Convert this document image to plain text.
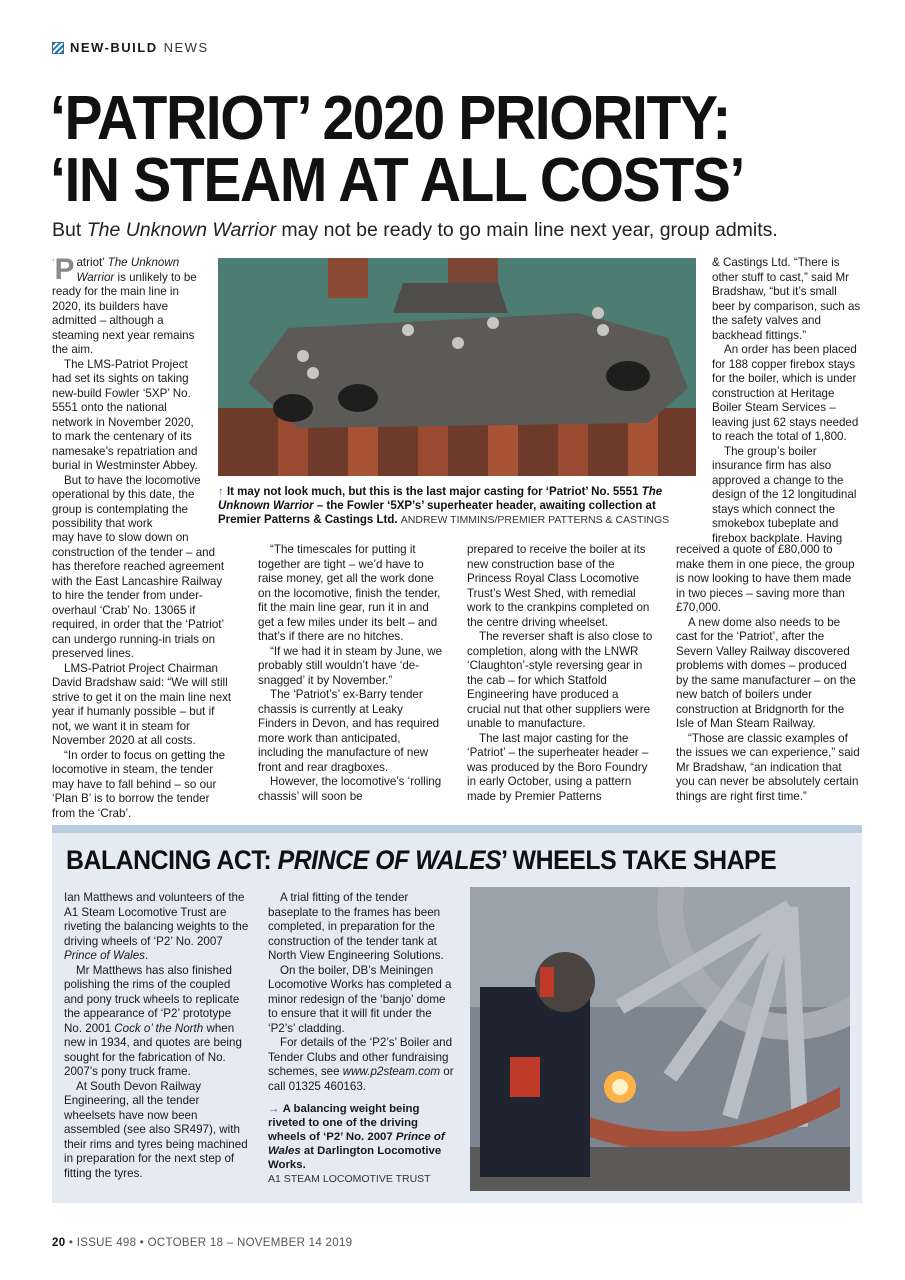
NEW-BUILD NEWS
‘PATRIOT’ 2020 PRIORITY:
‘IN STEAM AT ALL COSTS’
But The Unknown Warrior may not be ready to go main line next year, group admits.

‘ P atriot’ The Unknown Warrior is unlikely to be ready for the main line in 2020, its builders have admitted – although a steaming next year remains the aim.

The LMS-Patriot Project had set its sights on taking new-build Fowler ‘5XP’ No. 5551 onto the national network in November 2020, to mark the centenary of its namesake’s repatriation and burial in Westminster Abbey.

But to have the locomotive operational by this date, the group is contemplating the possibility that work

may have to slow down on construction of the tender – and has therefore reached agreement with the East Lancashire Railway to hire the tender from under-overhaul ‘Crab’ No. 13065 if required, in order that the ‘Patriot’ can undergo running-in trials on preserved lines.

LMS-Patriot Project Chairman David Bradshaw said: “We will still strive to get it on the main line next year if humanly possible – but if not, we want it in steam for November 2020 at all costs.

“In order to focus on getting the locomotive in steam, the tender may have to fall behind – so our ‘Plan B’ is to borrow the tender from the ‘Crab’.

↑ It may not look much, but this is the last major casting for ‘Patriot’ No. 5551 The Unknown Warrior – the Fowler ‘5XP’s’ superheater header, awaiting collection at Premier Patterns & Castings Ltd. ANDREW TIMMINS/PREMIER PATTERNS & CASTINGS

“The timescales for putting it together are tight – we’d have to raise money, get all the work done on the locomotive, finish the tender, fit the main line gear, run it in and get a few miles under its belt – and that’s if there are no hitches.

“If we had it in steam by June, we probably still wouldn’t have ‘de-snagged’ it by November.”

The ‘Patriot’s’ ex-Barry tender chassis is currently at Leaky Finders in Devon, and has required more work than anticipated, including the manufacture of new front and rear dragboxes.

However, the locomotive’s ‘rolling chassis’ will soon be

prepared to receive the boiler at its new construction base of the Princess Royal Class Locomotive Trust’s West Shed, with remedial work to the crankpins completed on the centre driving wheelset.

The reverser shaft is also close to completion, along with the LNWR ‘Claughton’-style reversing gear in the cab – for which Statfold Engineering have produced a crucial nut that other suppliers were unable to manufacture.

The last major casting for the ‘Patriot’ – the superheater header – was produced by the Boro Foundry in early October, using a pattern made by Premier Patterns

& Castings Ltd. “There is other stuff to cast,” said Mr Bradshaw, “but it’s small beer by comparison, such as the safety valves and backhead fittings.”

An order has been placed for 188 copper firebox stays for the boiler, which is under construction at Heritage Boiler Steam Services – leaving just 62 stays needed to reach the total of 1,800.

The group’s boiler insurance firm has also approved a change to the design of the 12 longitudinal stays which connect the smokebox tubeplate and firebox backplate. Having

received a quote of £80,000 to make them in one piece, the group is now looking to have them made in two pieces – saving more than £70,000.

A new dome also needs to be cast for the ‘Patriot’, after the Severn Valley Railway discovered problems with domes – produced by the same manufacturer – on the new batch of boilers under construction at Bridgnorth for the Isle of Man Steam Railway.

“Those are classic examples of the issues we can experience,” said Mr Bradshaw, “an indication that you can never be absolutely certain things are right first time.”

BALANCING ACT: PRINCE OF WALES’ WHEELS TAKE SHAPE

Ian Matthews and volunteers of the A1 Steam Locomotive Trust are riveting the balancing weights to the driving wheels of ‘P2’ No. 2007 Prince of Wales.

Mr Matthews has also finished polishing the rims of the coupled and pony truck wheels to replicate the appearance of ‘P2’ prototype No. 2001 Cock o’ the North when new in 1934, and quotes are being sought for the fabrication of No. 2007’s pony truck frame.

At South Devon Railway Engineering, all the tender wheelsets have now been assembled (see also SR497), with their rims and tyres being machined in preparation for the next step of fitting the tyres.

A trial fitting of the tender baseplate to the frames has been completed, in preparation for the construction of the tender tank at North View Engineering Solutions.

On the boiler, DB’s Meiningen Locomotive Works has completed a minor redesign of the ‘banjo’ dome to ensure that it will fit under the ‘P2’s’ cladding.

For details of the ‘P2’s’ Boiler and Tender Clubs and other fundraising schemes, see www.p2steam.com or call 01325 460163.

→ A balancing weight being riveted to one of the driving wheels of ‘P2’ No. 2007 Prince of Wales at Darlington Locomotive Works.
A1 STEAM LOCOMOTIVE TRUST
20 • ISSUE 498 • OCTOBER 18 – NOVEMBER 14 2019
